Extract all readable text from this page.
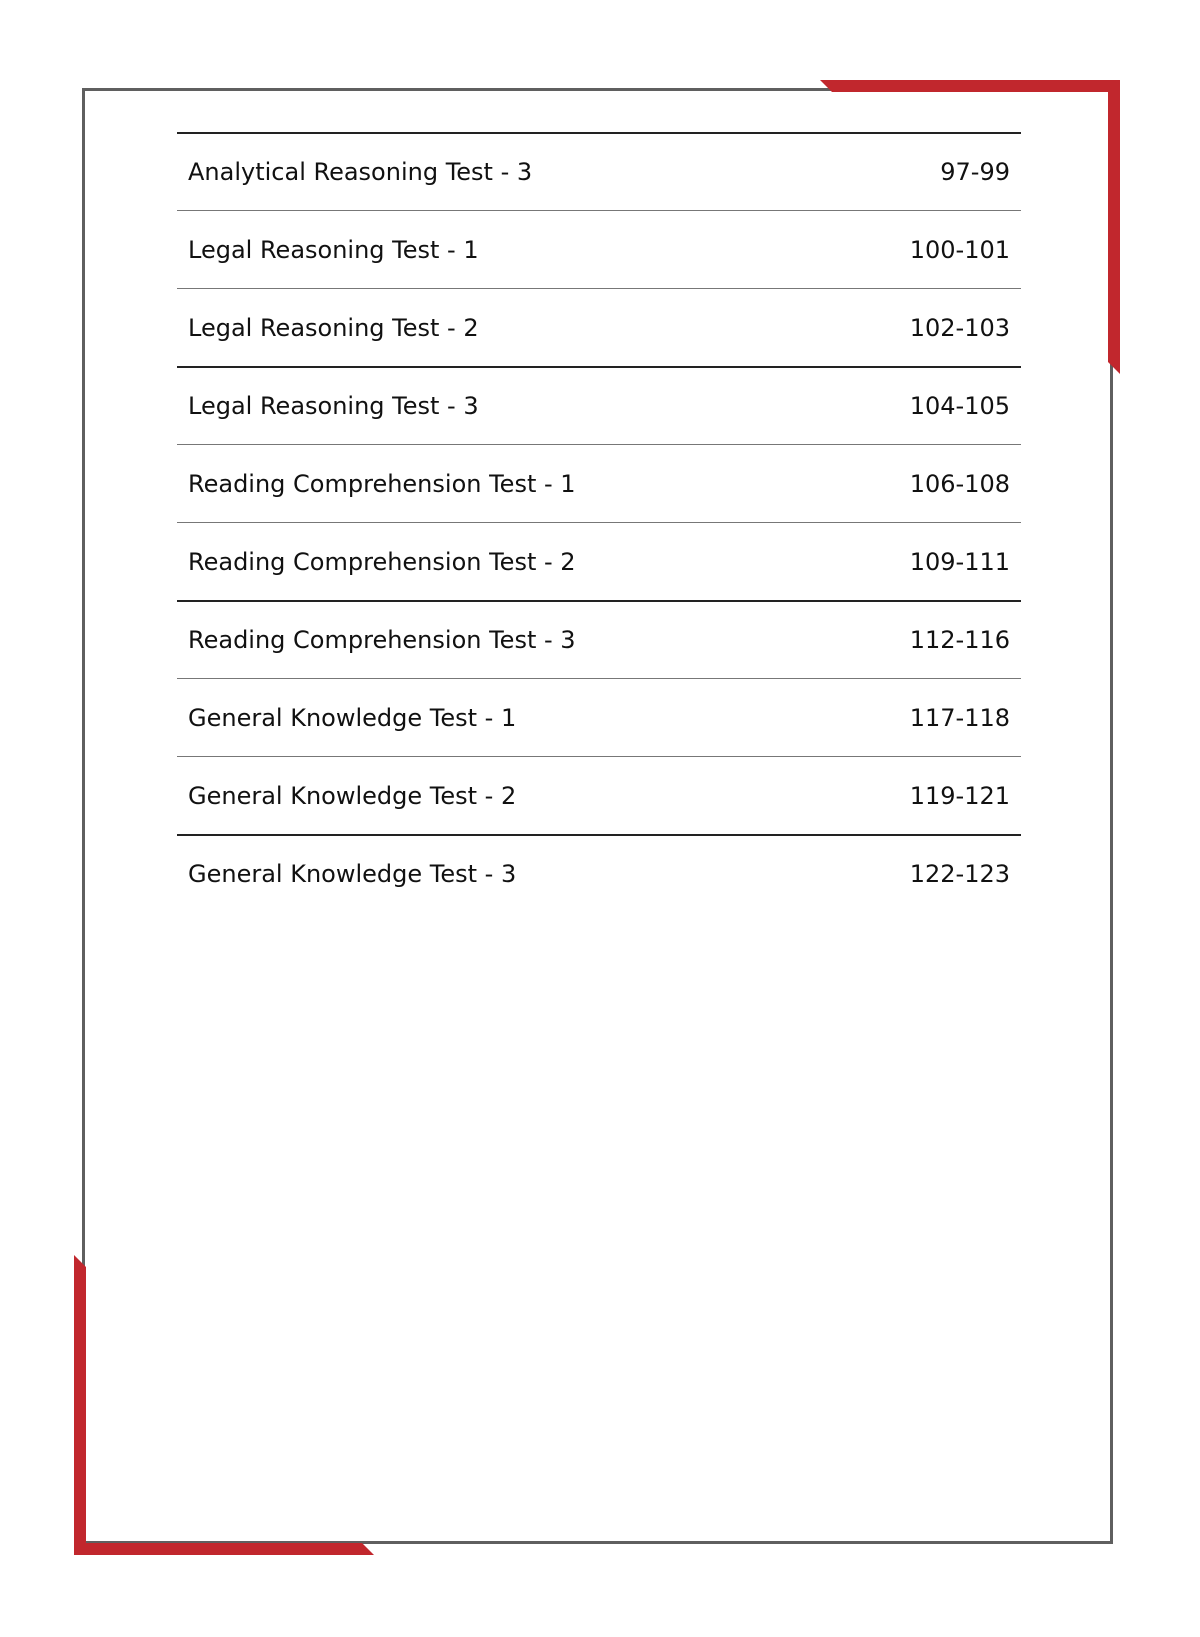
Analytical Reasoning Test - 3	97-99
Legal Reasoning Test - 1	100-101
Legal Reasoning Test - 2	102-103
Legal Reasoning Test - 3	104-105
Reading Comprehension Test - 1	106-108
Reading Comprehension Test - 2	109-111
Reading Comprehension Test - 3	112-116
General Knowledge Test - 1	117-118
General Knowledge Test - 2	119-121
General Knowledge Test - 3	122-123
